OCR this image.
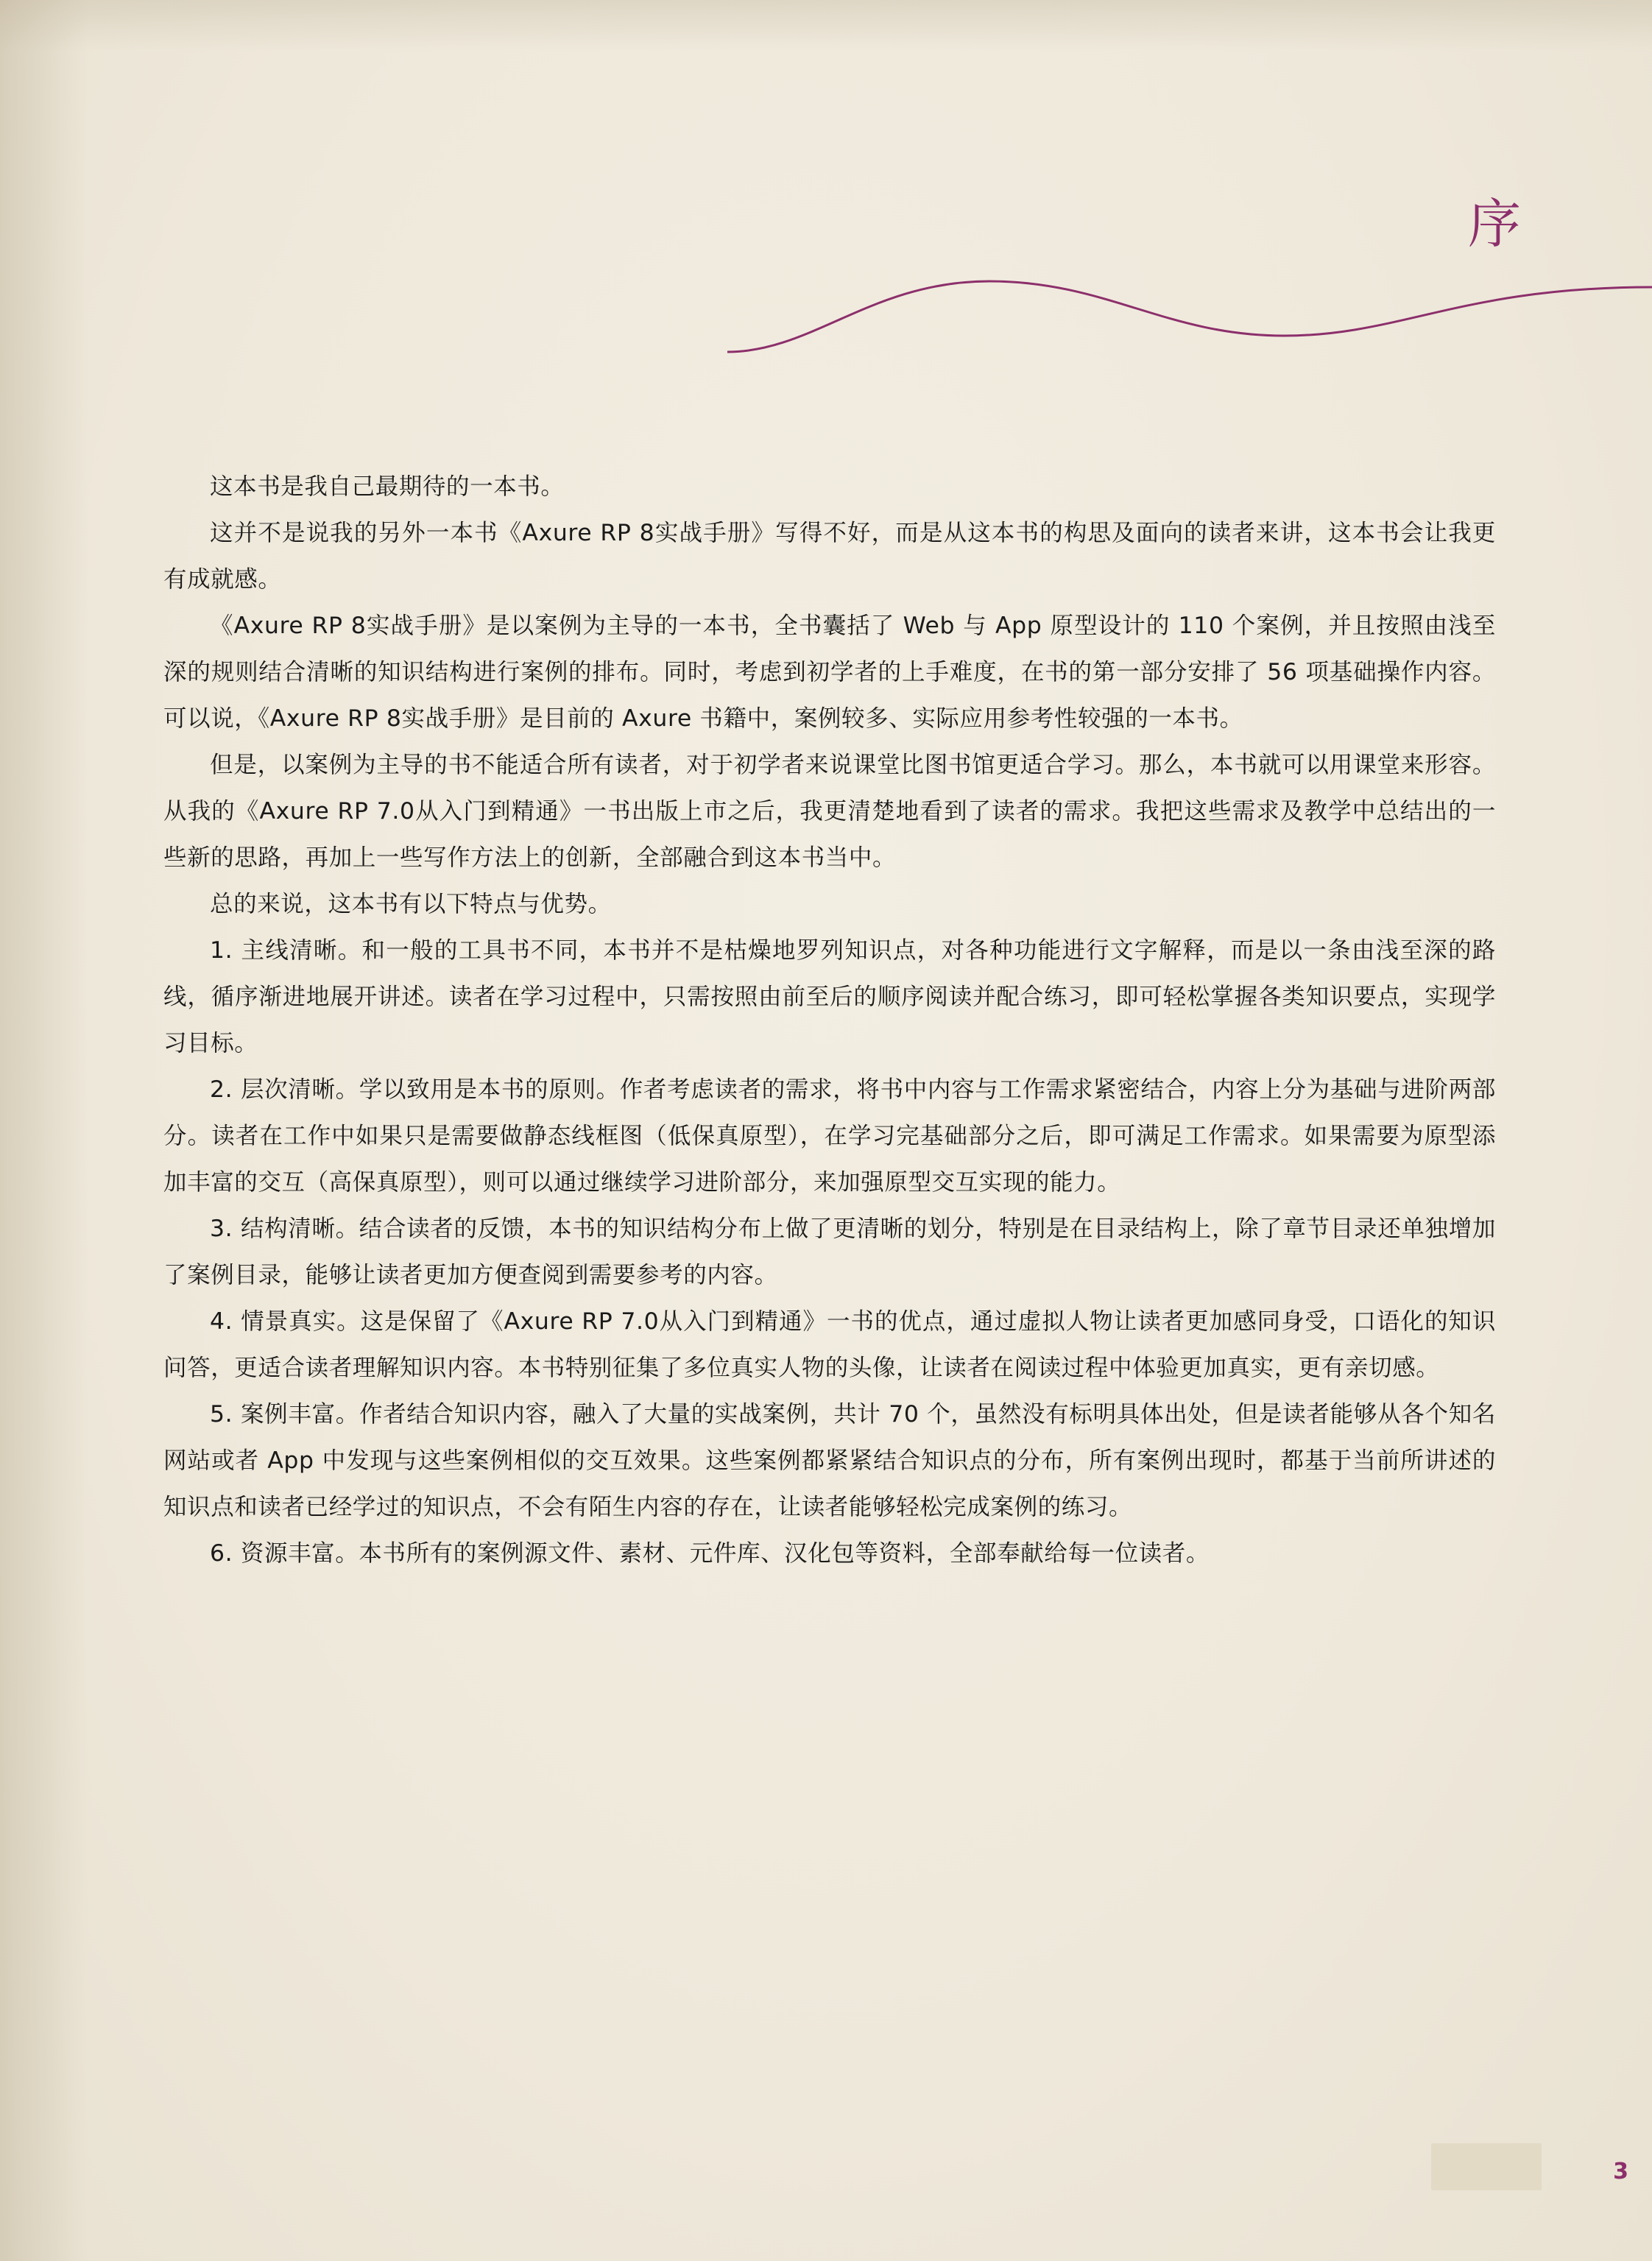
序

这本书是我自己最期待的一本书。

这并不是说我的另外一本书《Axure RP 8实战手册》写得不好，而是从这本书的构思及面向的读者来讲，这本书会让我更有成就感。

《Axure RP 8实战手册》是以案例为主导的一本书，全书囊括了 Web 与 App 原型设计的 110 个案例，并且按照由浅至深的规则结合清晰的知识结构进行案例的排布。同时，考虑到初学者的上手难度，在书的第一部分安排了 56 项基础操作内容。可以说，《Axure RP 8实战手册》是目前的 Axure 书籍中，案例较多、实际应用参考性较强的一本书。

但是，以案例为主导的书不能适合所有读者，对于初学者来说课堂比图书馆更适合学习。那么，本书就可以用课堂来形容。从我的《Axure RP 7.0从入门到精通》一书出版上市之后，我更清楚地看到了读者的需求。我把这些需求及教学中总结出的一些新的思路，再加上一些写作方法上的创新，全部融合到这本书当中。

总的来说，这本书有以下特点与优势。

1. 主线清晰。和一般的工具书不同，本书并不是枯燥地罗列知识点，对各种功能进行文字解释，而是以一条由浅至深的路线，循序渐进地展开讲述。读者在学习过程中，只需按照由前至后的顺序阅读并配合练习，即可轻松掌握各类知识要点，实现学习目标。

2. 层次清晰。学以致用是本书的原则。作者考虑读者的需求，将书中内容与工作需求紧密结合，内容上分为基础与进阶两部分。读者在工作中如果只是需要做静态线框图（低保真原型），在学习完基础部分之后，即可满足工作需求。如果需要为原型添加丰富的交互（高保真原型），则可以通过继续学习进阶部分，来加强原型交互实现的能力。

3. 结构清晰。结合读者的反馈，本书的知识结构分布上做了更清晰的划分，特别是在目录结构上，除了章节目录还单独增加了案例目录，能够让读者更加方便查阅到需要参考的内容。

4. 情景真实。这是保留了《Axure RP 7.0从入门到精通》一书的优点，通过虚拟人物让读者更加感同身受，口语化的知识问答，更适合读者理解知识内容。本书特别征集了多位真实人物的头像，让读者在阅读过程中体验更加真实，更有亲切感。

5. 案例丰富。作者结合知识内容，融入了大量的实战案例，共计 70 个，虽然没有标明具体出处，但是读者能够从各个知名网站或者 App 中发现与这些案例相似的交互效果。这些案例都紧紧结合知识点的分布，所有案例出现时，都基于当前所讲述的知识点和读者已经学过的知识点，不会有陌生内容的存在，让读者能够轻松完成案例的练习。

6. 资源丰富。本书所有的案例源文件、素材、元件库、汉化包等资料，全部奉献给每一位读者。

3
